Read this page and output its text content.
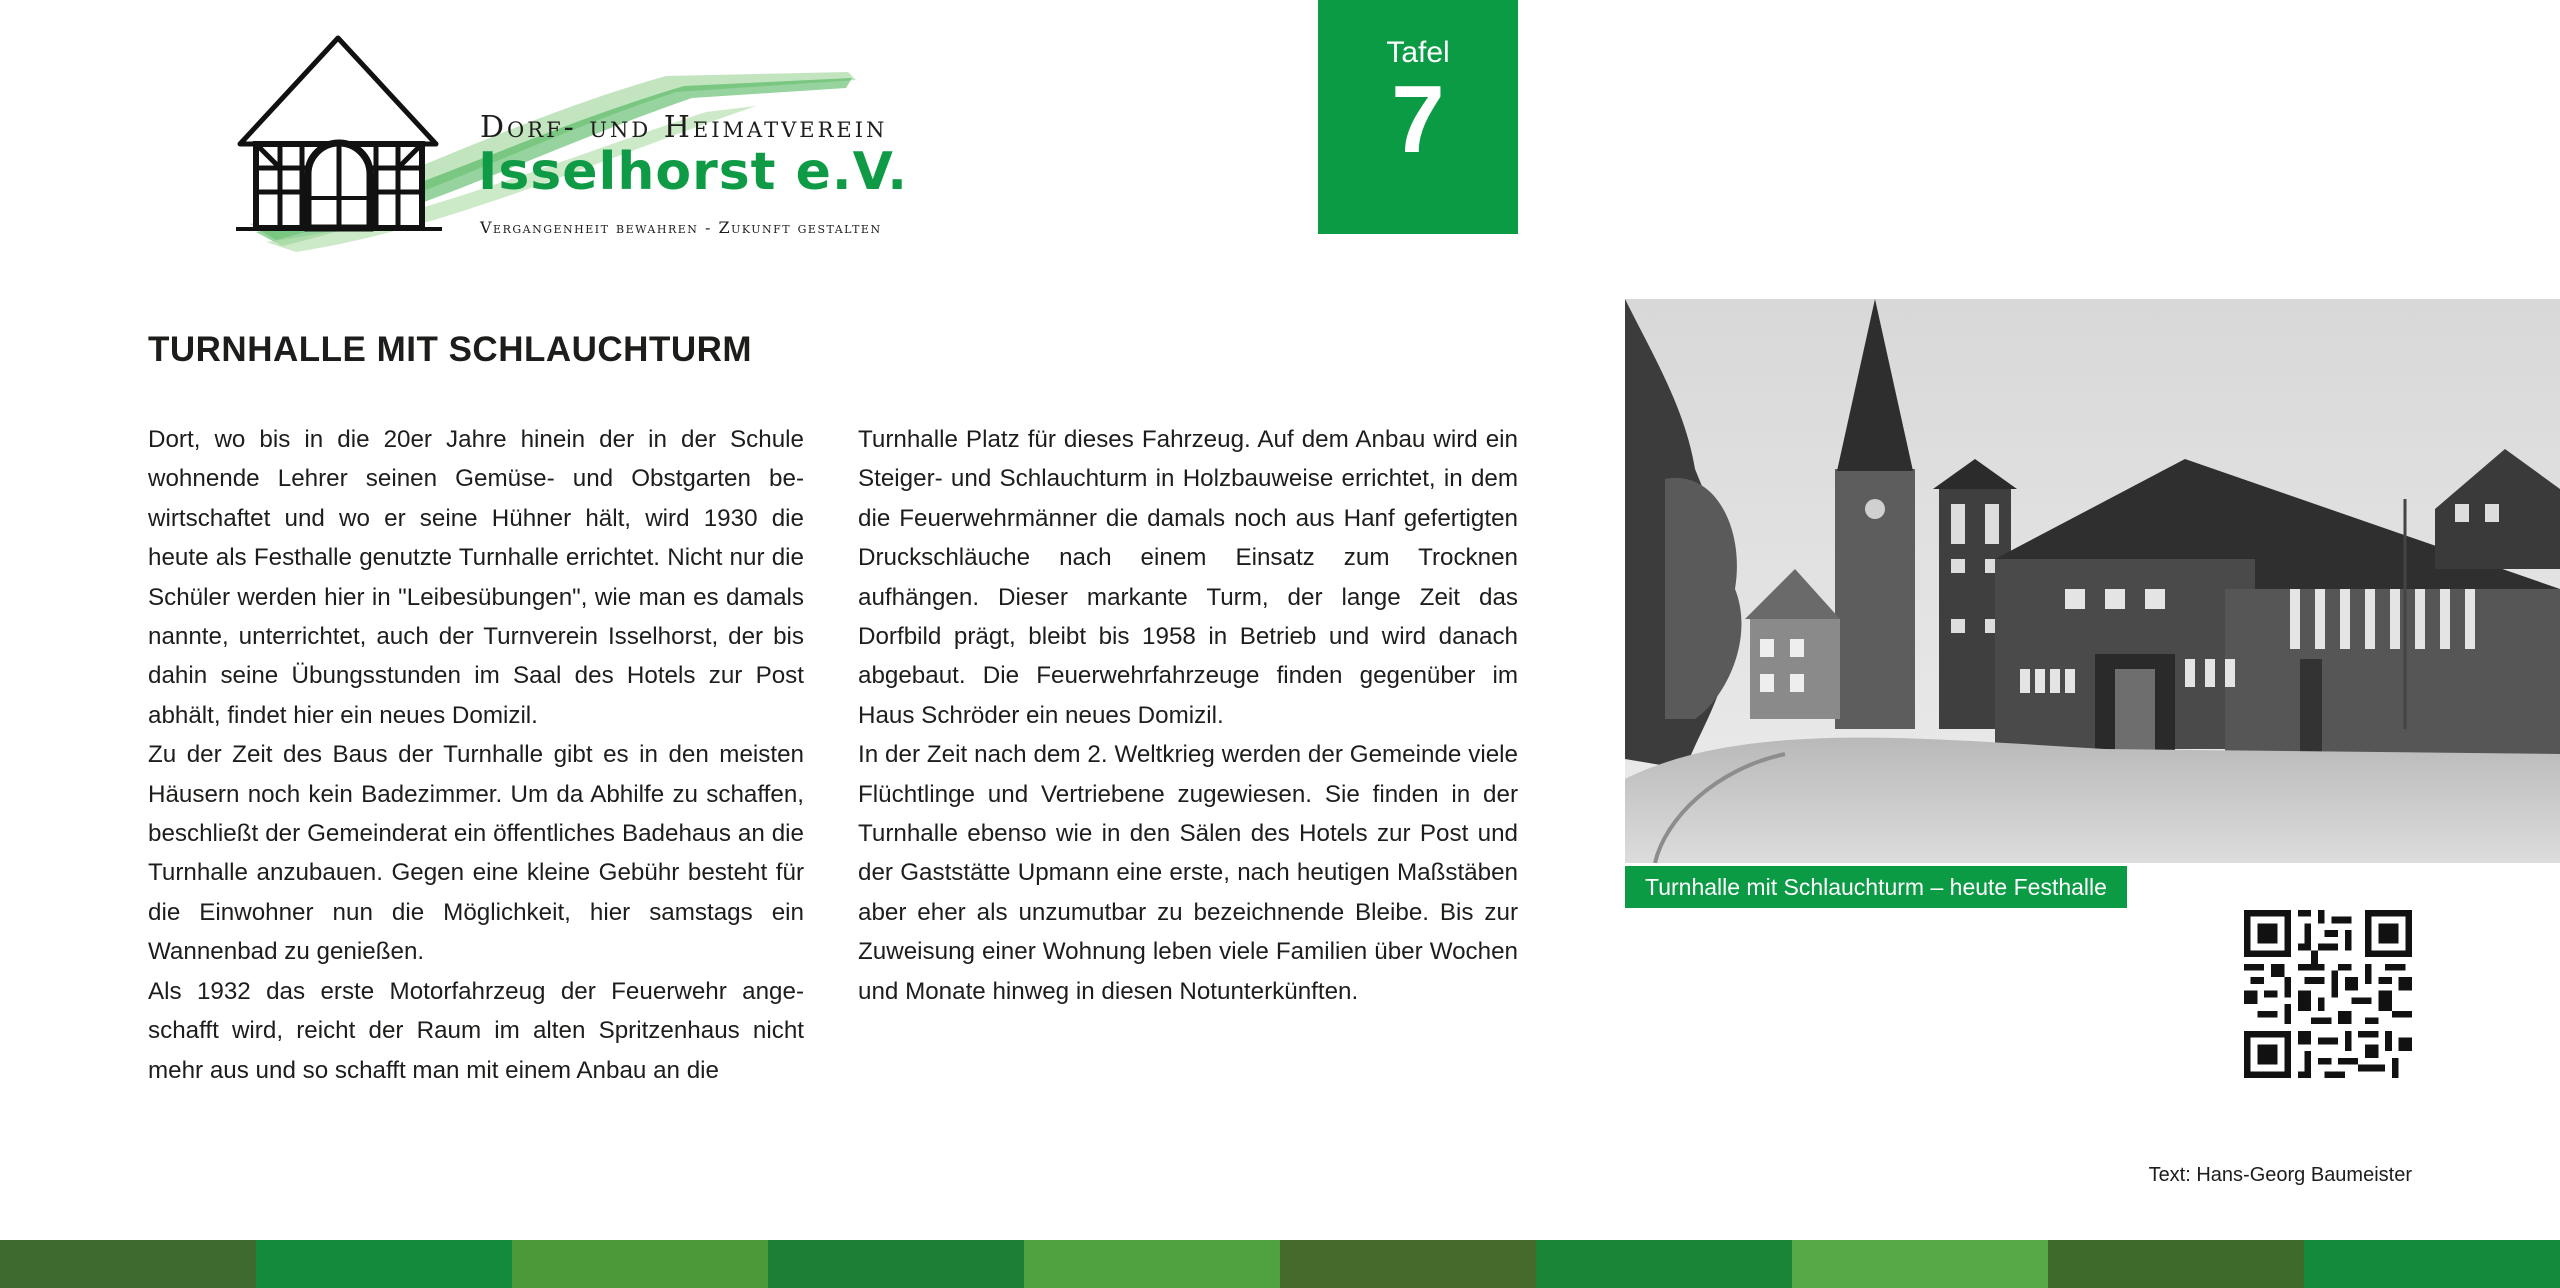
Dorf- und Heimatverein
Isselhorst e.V.
Vergangenheit bewahren - Zukunft gestalten
Tafel
7
TURNHALLE MIT SCHLAUCHTURM

Dort, wo bis in die 20er Jahre hinein der in der Schule wohnende Lehrer seinen Gemüse- und Obstgarten bewirtschaftet und wo er seine Hühner hält, wird 1930 die heute als Festhalle genutzte Turnhalle errichtet. Nicht nur die Schüler werden hier in "Leibesübungen", wie man es damals nannte, unterrichtet, auch der Turnverein Isselhorst, der bis dahin seine Übungsstunden im Saal des Hotels zur Post abhält, findet hier ein neues Domizil.

Zu der Zeit des Baus der Turnhalle gibt es in den meisten Häusern noch kein Badezimmer. Um da Abhilfe zu schaffen, beschließt der Gemeinderat ein öffentliches Badehaus an die Turnhalle anzubauen. Gegen eine kleine Gebühr besteht für die Einwohner nun die Möglichkeit, hier samstags ein Wannenbad zu genießen.

Als 1932 das erste Motorfahrzeug der Feuerwehr angeschafft wird, reicht der Raum im alten Spritzenhaus nicht mehr aus und so schafft man mit einem Anbau an die

Turnhalle Platz für dieses Fahrzeug. Auf dem Anbau wird ein Steiger- und Schlauchturm in Holzbauweise errichtet, in dem die Feuerwehrmänner die damals noch aus Hanf gefertigten Druckschläuche nach einem Einsatz zum Trocknen aufhängen. Dieser markante Turm, der lange Zeit das Dorfbild prägt, bleibt bis 1958 in Betrieb und wird danach abgebaut. Die Feuerwehrfahrzeuge finden gegenüber im Haus Schröder ein neues Domizil.

In der Zeit nach dem 2. Weltkrieg werden der Gemeinde viele Flüchtlinge und Vertriebene zugewiesen. Sie finden in der Turnhalle ebenso wie in den Sälen des Hotels zur Post und der Gaststätte Upmann eine erste, nach heutigen Maßstäben aber eher als unzumutbar zu bezeichnende Bleibe. Bis zur Zuweisung einer Wohnung leben viele Familien über Wochen und Monate hinweg in diesen Notunterkünften.

Turnhalle mit Schlauchturm – heute Festhalle
Text: Hans-Georg Baumeister
